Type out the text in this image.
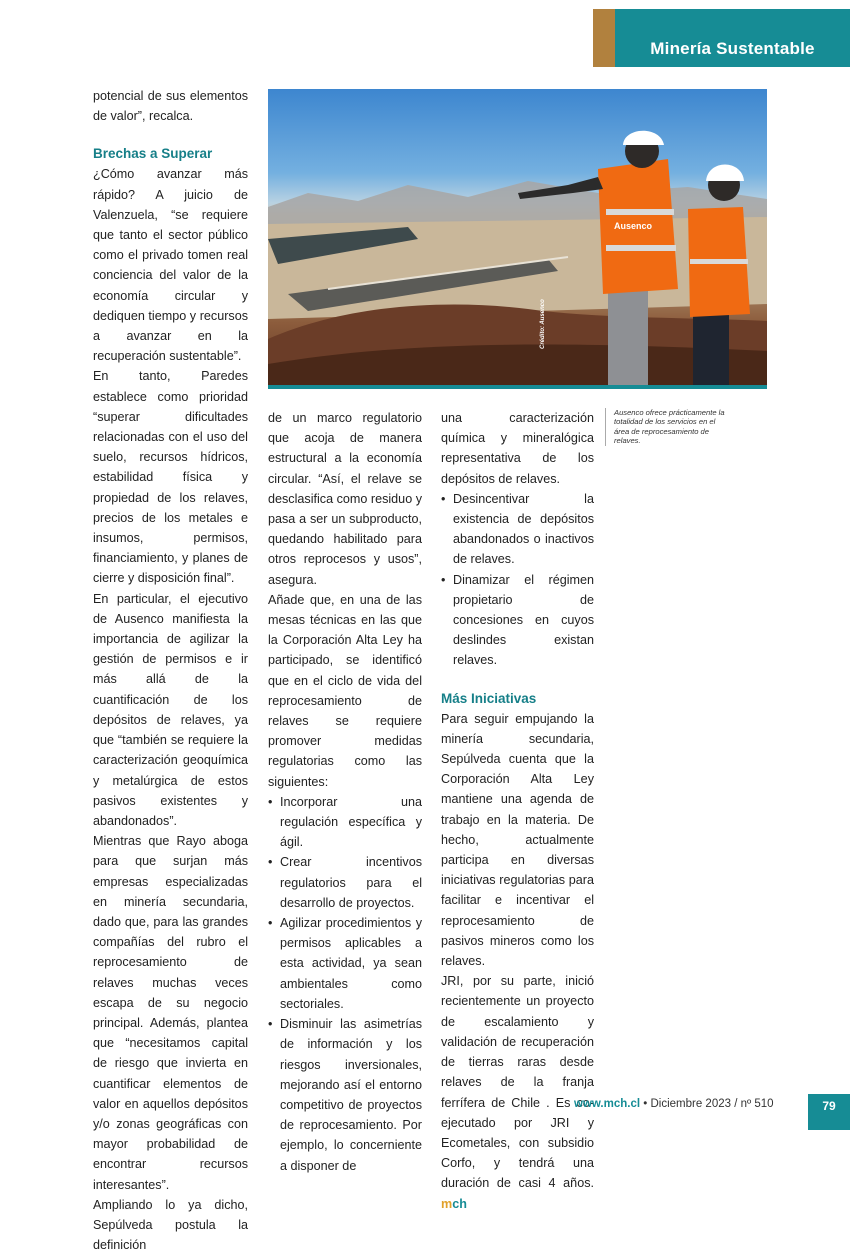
Minería Sustentable
Ausenco
Crédito: Ausenco
Ausenco ofrece prácticamente la totalidad de los servicios en el área de reprocesamiento de relaves.

potencial de sus elementos de valor”, recalca.

Brechas a Superar

¿Cómo avanzar más rápido? A juicio de Valenzuela, “se requiere que tanto el sector público como el privado tomen real conciencia del valor de la economía circular y dediquen tiempo y recursos a avanzar en la recuperación sustentable”.

En tanto, Paredes establece como prioridad “superar dificultades relacionadas con el uso del suelo, recursos hídricos, estabilidad física y propiedad de los relaves, precios de los metales e insumos, permisos, financiamiento, y planes de cierre y disposición final”.

En particular, el ejecutivo de Ausenco manifiesta la importancia de agilizar la gestión de permisos e ir más allá de la cuantificación de los depósitos de relaves, ya que “también se requiere la caracterización geoquímica y metalúrgica de estos pasivos existentes y abandonados”.

Mientras que Rayo aboga para que surjan más empresas especializadas en minería secundaria, dado que, para las grandes compañías del rubro el reprocesamiento de relaves muchas veces escapa de su negocio principal. Además, plantea que “necesitamos capital de riesgo que invierta en cuantificar elementos de valor en aquellos depósitos y/o zonas geográficas con mayor probabilidad de encontrar recursos interesantes”.

Ampliando lo ya dicho, Sepúlveda postula la definición

de un marco regulatorio que acoja de manera estructural a la economía circular. “Así, el relave se desclasifica como residuo y pasa a ser un subproducto, quedando habilitado para otros reprocesos y usos”, asegura.

Añade que, en una de las mesas técnicas en las que la Corporación Alta Ley ha participado, se identificó que en el ciclo de vida del reprocesamiento de relaves se requiere promover medidas regulatorias como las siguientes:

• Incorporar una regulación específica y ágil.
• Crear incentivos regulatorios para el desarrollo de proyectos.
• Agilizar procedimientos y permisos aplicables a esta actividad, ya sean ambientales como sectoriales.
• Disminuir las asimetrías de información y los riesgos inversionales, mejorando así el entorno competitivo de proyectos de reprocesamiento. Por ejemplo, lo concerniente a disponer de

una caracterización química y mineralógica representativa de los depósitos de relaves.

• Desincentivar la existencia de depósitos abandonados o inactivos de relaves.
• Dinamizar el régimen propietario de concesiones en cuyos deslindes existan relaves.
Más Iniciativas

Para seguir empujando la minería secundaria, Sepúlveda cuenta que la Corporación Alta Ley mantiene una agenda de trabajo en la materia. De hecho, actualmente participa en diversas iniciativas regulatorias para facilitar e incentivar el reprocesamiento de pasivos mineros como los relaves.

JRI, por su parte, inició recientemente un proyecto de escalamiento y validación de recuperación de tierras raras desde relaves de la franja ferrífera de Chile . Es co-ejecutado por JRI y Ecometales, con subsidio Corfo, y tendrá una duración de casi 4 años. mch

www.mch.cl • Diciembre 2023 / nº 510	79
